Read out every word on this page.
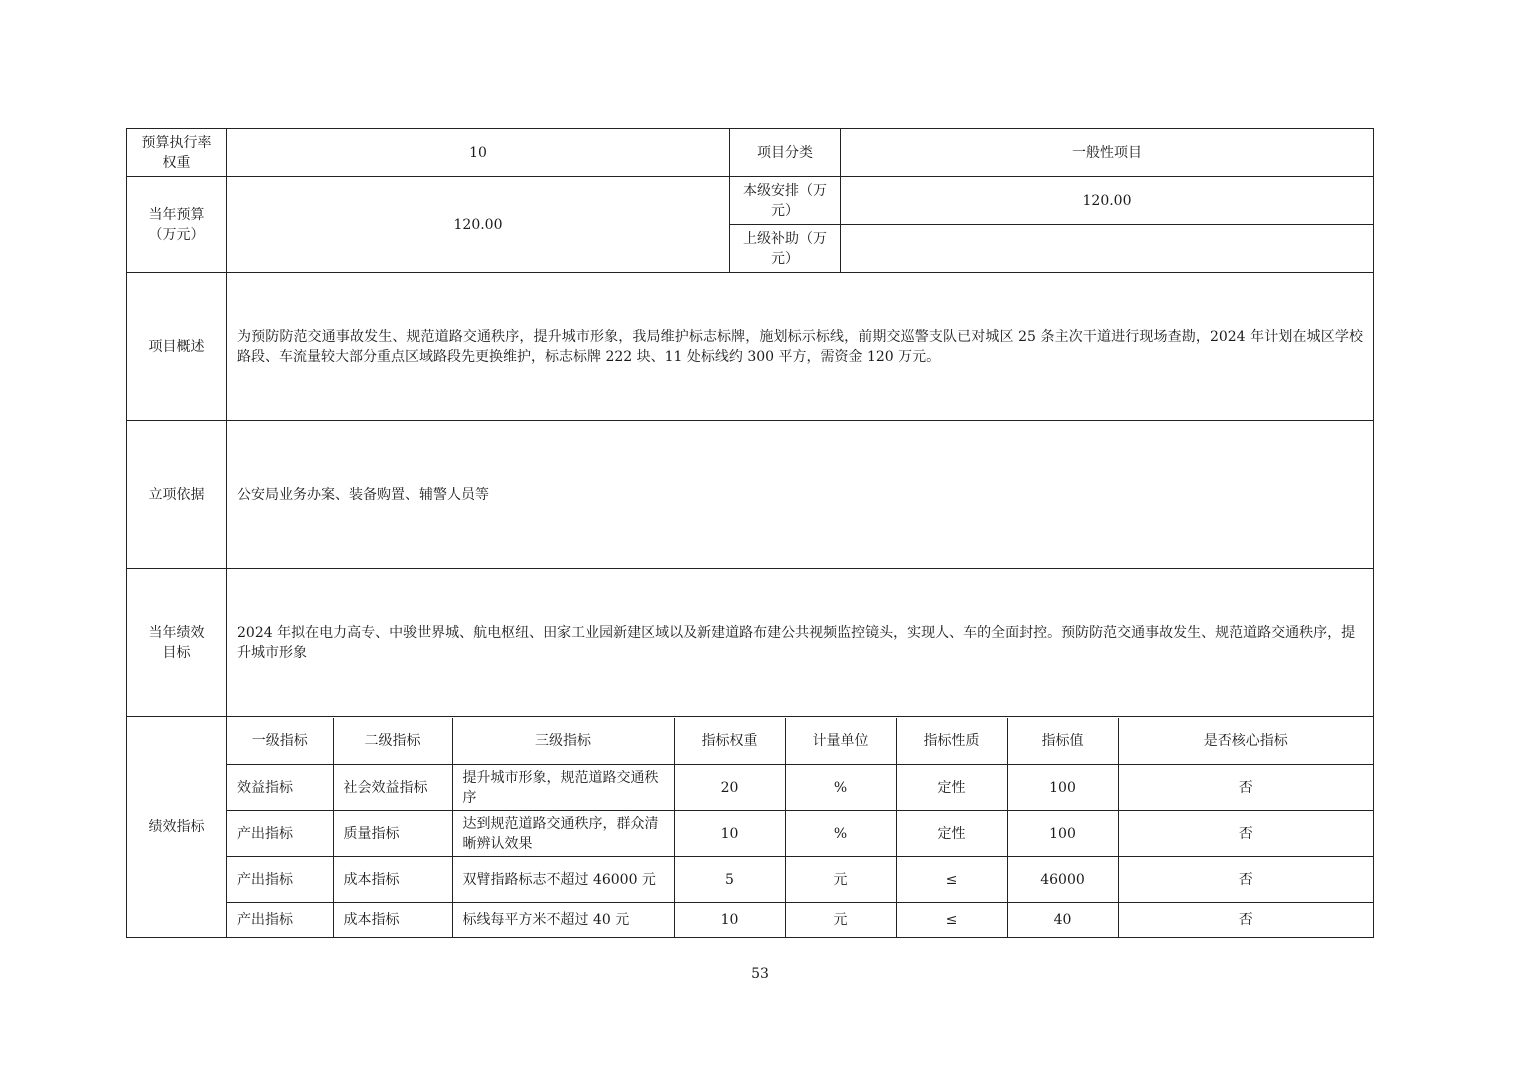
预算执行率权重	10	项目分类	一般性项目
当年预算（万元）	120.00	本级安排（万元）	120.00
上级补助（万元）	
项目概述	为预防防范交通事故发生、规范道路交通秩序，提升城市形象，我局维护标志标牌，施划标示标线，前期交巡警支队已对城区 25 条主次干道进行现场查勘，2024 年计划在城区学校路段、车流量较大部分重点区域路段先更换维护，标志标牌 222 块、11 处标线约 300 平方，需资金 120 万元。
立项依据	公安局业务办案、装备购置、辅警人员等
当年绩效目标	2024 年拟在电力高专、中骏世界城、航电枢纽、田家工业园新建区域以及新建道路布建公共视频监控镜头，实现人、车的全面封控。预防防范交通事故发生、规范道路交通秩序，提升城市形象
绩效指标	
一级指标	二级指标	三级指标	指标权重	计量单位	指标性质	指标值	是否核心指标
效益指标	社会效益指标	提升城市形象，规范道路交通秩序	20	%	定性	100	否
产出指标	质量指标	达到规范道路交通秩序，群众清晰辨认效果	10	%	定性	100	否
产出指标	成本指标	双臂指路标志不超过 46000 元	5	元	≤	46000	否
产出指标	成本指标	标线每平方米不超过 40 元	10	元	≤	40	否
53
